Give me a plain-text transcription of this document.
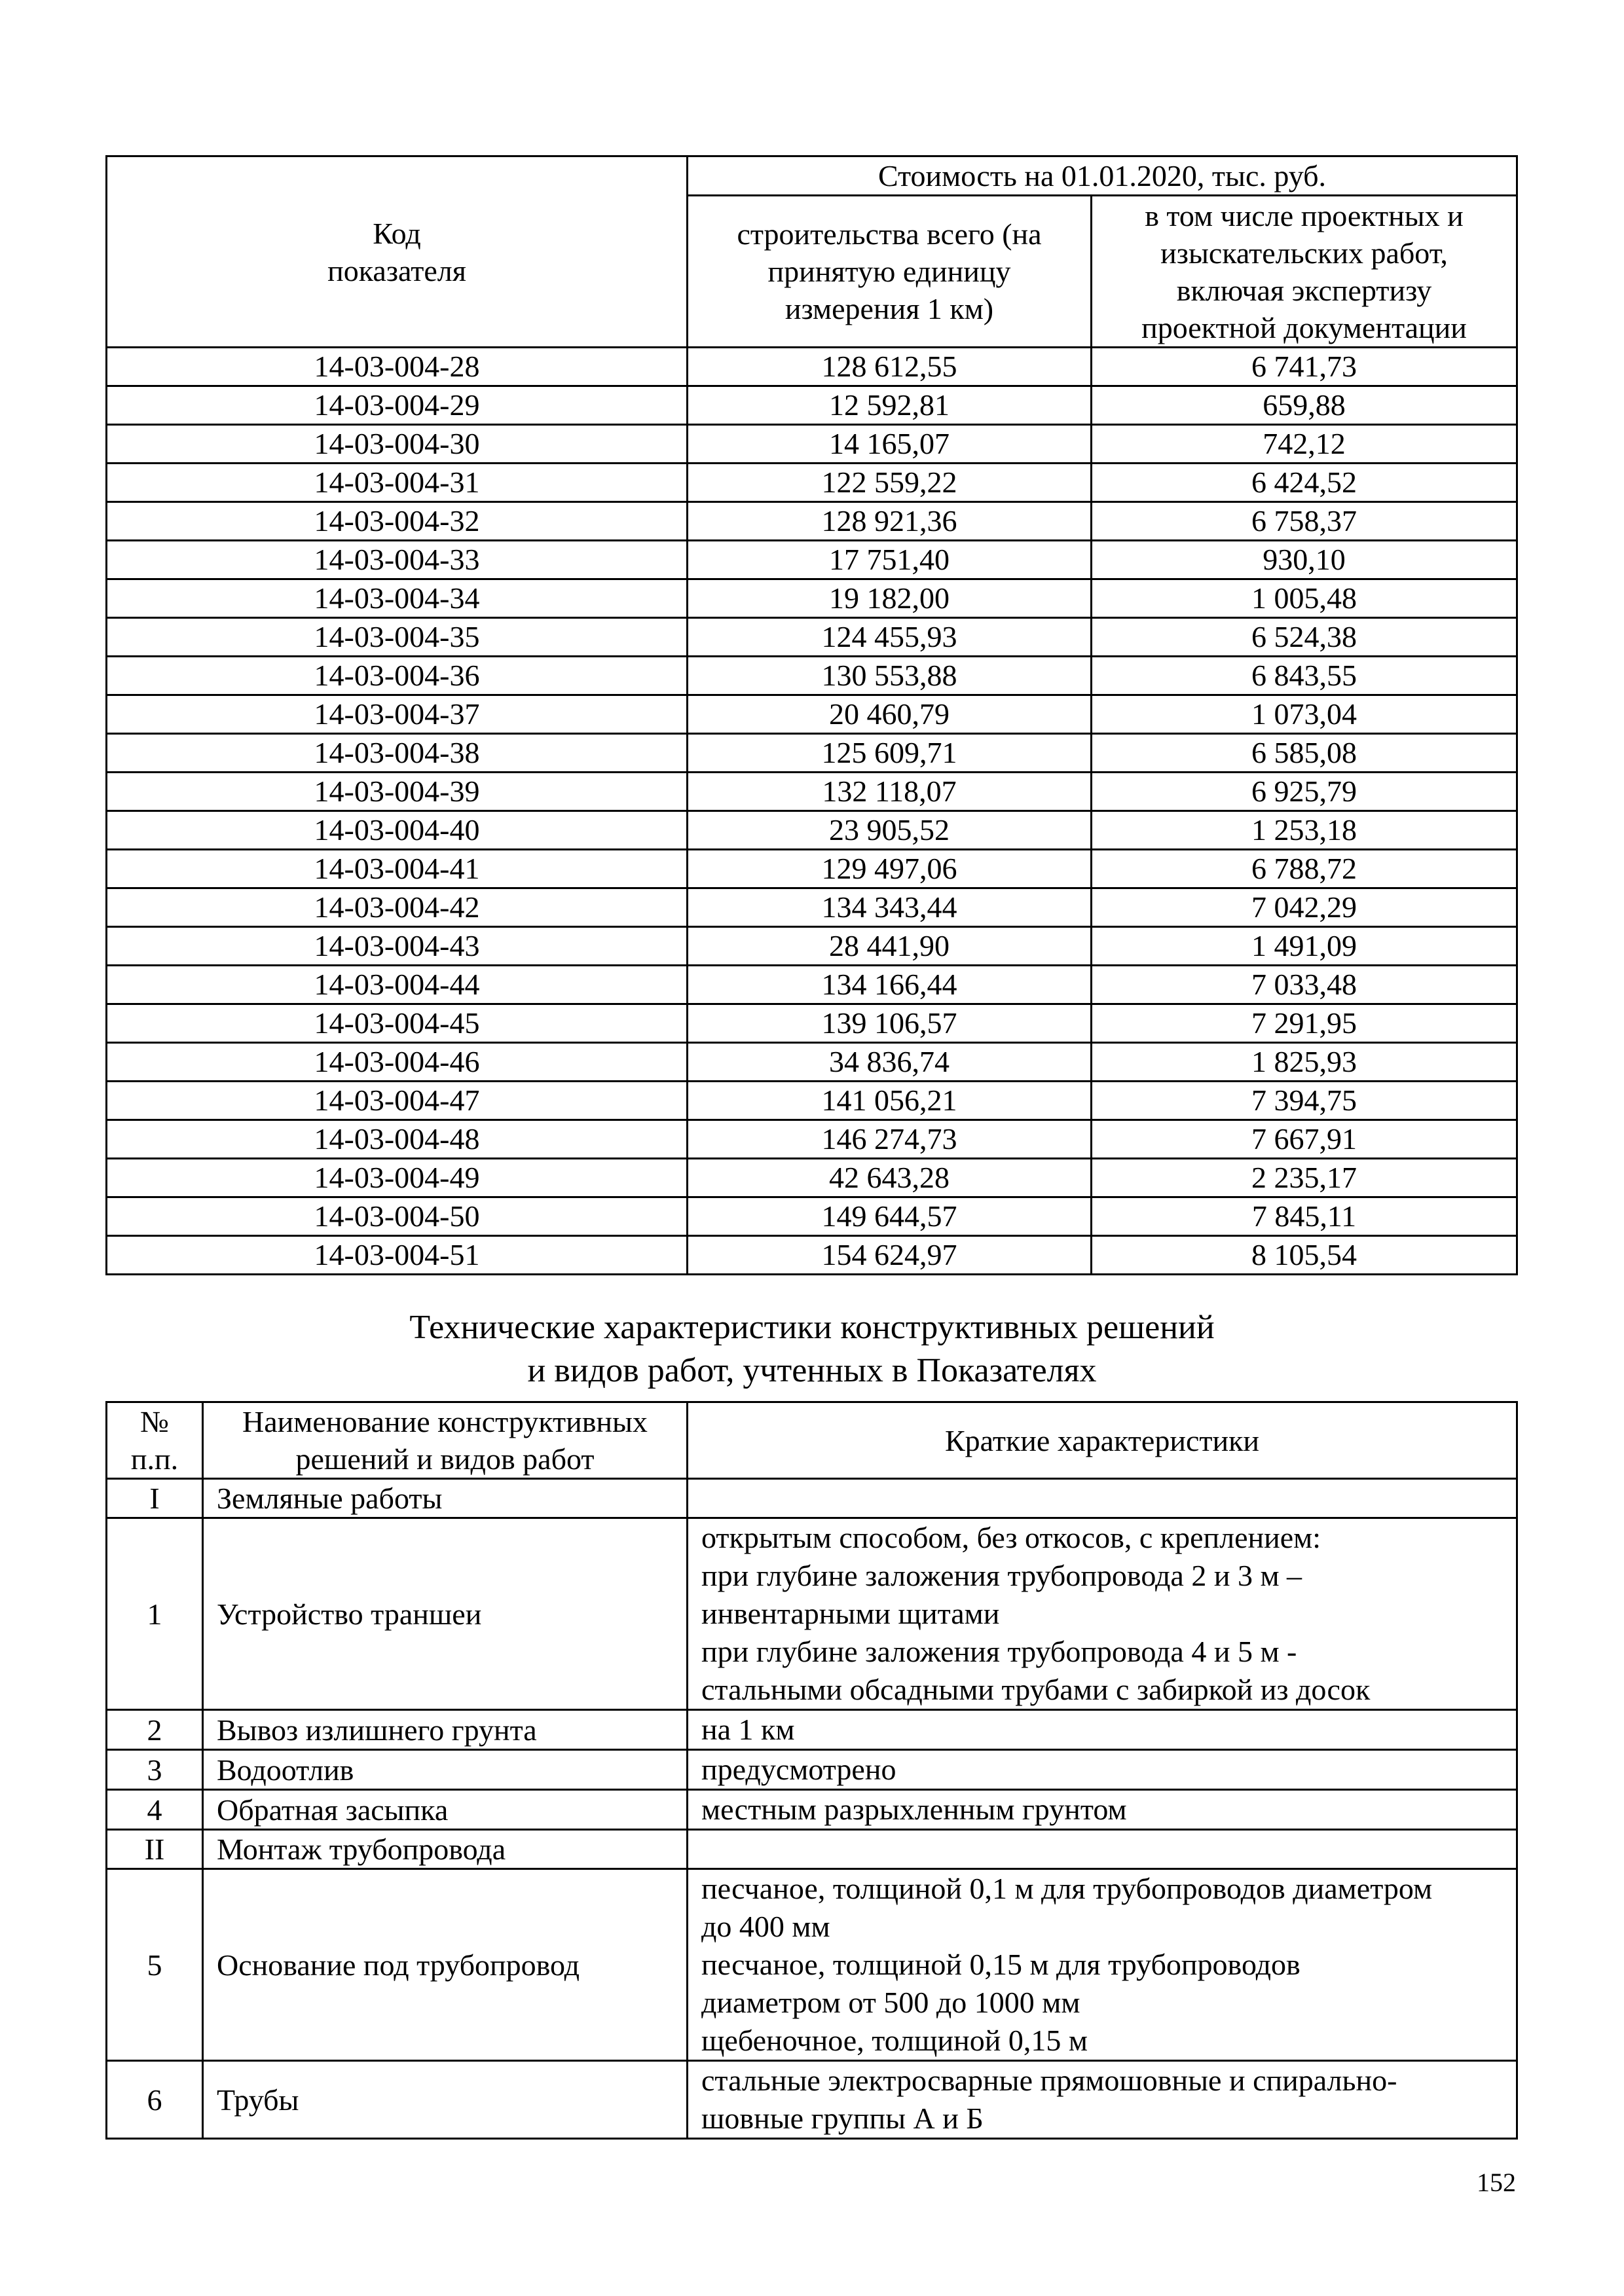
Код показателя	Стоимость на 01.01.2020, тыс. руб.	
	строительства всего (на принятую единицу измерения 1 км)	в том числе проектных и изыскательских работ, включая экспертизу проектной документации
14-03-004-28	128 612,55	6 741,73
14-03-004-29	12 592,81	659,88
14-03-004-30	14 165,07	742,12
14-03-004-31	122 559,22	6 424,52
14-03-004-32	128 921,36	6 758,37
14-03-004-33	17 751,40	930,10
14-03-004-34	19 182,00	1 005,48
14-03-004-35	124 455,93	6 524,38
14-03-004-36	130 553,88	6 843,55
14-03-004-37	20 460,79	1 073,04
14-03-004-38	125 609,71	6 585,08
14-03-004-39	132 118,07	6 925,79
14-03-004-40	23 905,52	1 253,18
14-03-004-41	129 497,06	6 788,72
14-03-004-42	134 343,44	7 042,29
14-03-004-43	28 441,90	1 491,09
14-03-004-44	134 166,44	7 033,48
14-03-004-45	139 106,57	7 291,95
14-03-004-46	34 836,74	1 825,93
14-03-004-47	141 056,21	7 394,75
14-03-004-48	146 274,73	7 667,91
14-03-004-49	42 643,28	2 235,17
14-03-004-50	149 644,57	7 845,11
14-03-004-51	154 624,97	8 105,54
Технические характеристики конструктивных решений
и видов работ, учтенных в Показателях
№ п.п.	Наименование конструктивных решений и видов работ	Краткие характеристики
I	Земляные работы	
1	Устройство траншеи	открытым способом, без откосов, с креплением:
при глубине заложения трубопровода 2 и 3 м –
инвентарными щитами
при глубине заложения трубопровода 4 и 5 м -
стальными обсадными трубами с забиркой из досок

2	Вывоз излишнего грунта	на 1 км

3	Водоотлив	предусмотрено

4	Обратная засыпка	местным разрыхленным грунтом

II	Монтаж трубопровода	
5	Основание под трубопровод	песчаное, толщиной 0,1 м для трубопроводов диаметром
до 400 мм
песчаное, толщиной 0,15 м для трубопроводов
диаметром от 500 до 1000 мм
щебеночное, толщиной 0,15 м

6	Трубы	стальные электросварные прямошовные и спирально-
шовные группы А и Б
152
